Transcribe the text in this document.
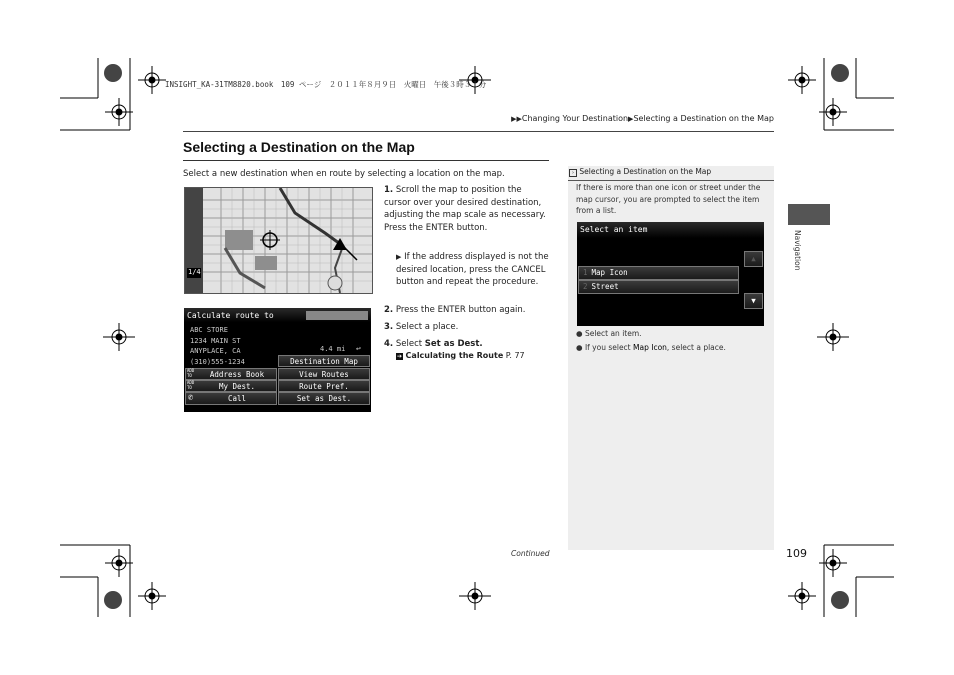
INSIGHT_KA-31TM8820.book　109 ページ　２０１１年８月９日　火曜日　午後３時３１分
▶▶Changing Your Destination▶Selecting a Destination on the Map
Selecting a Destination on the Map
Select a new destination when en route by selecting a location on the map.
1/4
Calculate route to
ABC STORE
1234 MAIN ST
ANYPLACE, CA
(310)555-1234
4.4 mi ↩
Destination Map
Address Book	View Routes
My Dest.	Route Pref.
Call	Set as Dest.
ADD TO
ADD TO
✆
1. Scroll the map to position the cursor over your desired destination, adjusting the map scale as necessary. Press the ENTER button.
▶ If the address displayed is not the desired location, press the CANCEL button and repeat the procedure.
2. Press the ENTER button again.
3. Select a place.
4. Select Set as Dest.
➔ Calculating the Route P. 77
› Selecting a Destination on the Map
If there is more than one icon or street under the map cursor, you are prompted to select the item from a list.
Select an item
1 Map Icon
2 Street
▲
▼
● Select an item.
● If you select Map Icon, select a place.
Navigation
Continued	109
